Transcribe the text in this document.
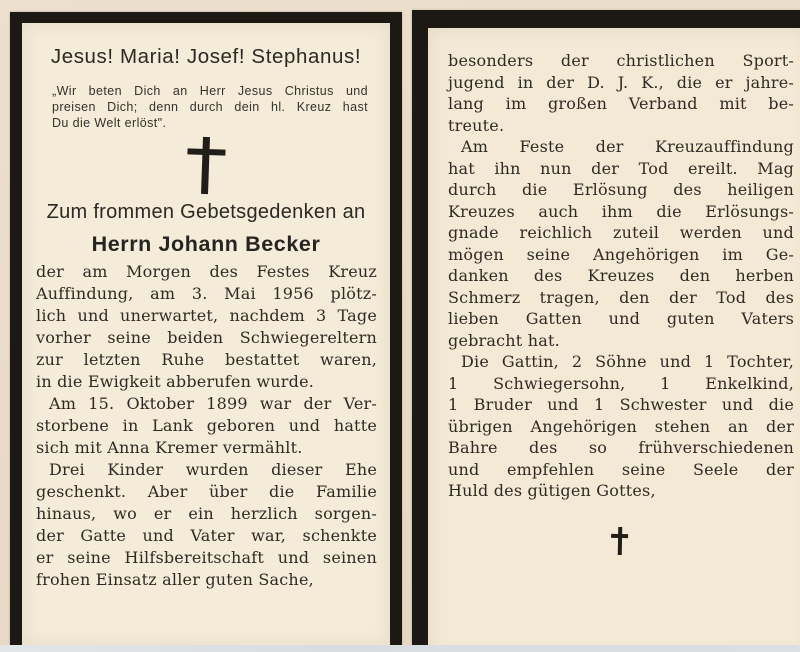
Jesus! Maria! Josef! Stephanus!
„Wir beten Dich an Herr Jesus Christus und
preisen Dich; denn durch dein hl. Kreuz hast
Du die Welt erlöst".
Zum frommen Gebetsgedenken an
Herrn Johann Becker
der am Morgen des Festes Kreuz
Auffindung, am 3. Mai 1956 plötz-
lich und unerwartet, nachdem 3 Tage
vorher seine beiden Schwiegereltern
zur letzten Ruhe bestattet waren,
in die Ewigkeit abberufen wurde.
Am 15. Oktober 1899 war der Ver-
storbene in Lank geboren und hatte
sich mit Anna Kremer vermählt.
Drei Kinder wurden dieser Ehe
geschenkt. Aber über die Familie
hinaus, wo er ein herzlich sorgen-
der Gatte und Vater war, schenkte
er seine Hilfsbereitschaft und seinen
frohen Einsatz aller guten Sache,
besonders der christlichen Sport-
jugend in der D. J. K., die er jahre-
lang im großen Verband mit be-
treute.
Am Feste der Kreuzauffindung
hat ihn nun der Tod ereilt. Mag
durch die Erlösung des heiligen
Kreuzes auch ihm die Erlösungs-
gnade reichlich zuteil werden und
mögen seine Angehörigen im Ge-
danken des Kreuzes den herben
Schmerz tragen, den der Tod des
lieben Gatten und guten Vaters
gebracht hat.
Die Gattin, 2 Söhne und 1 Tochter,
1 Schwiegersohn, 1 Enkelkind,
1 Bruder und 1 Schwester und die
übrigen Angehörigen stehen an der
Bahre des so frühverschiedenen
und empfehlen seine Seele der
Huld des gütigen Gottes,
